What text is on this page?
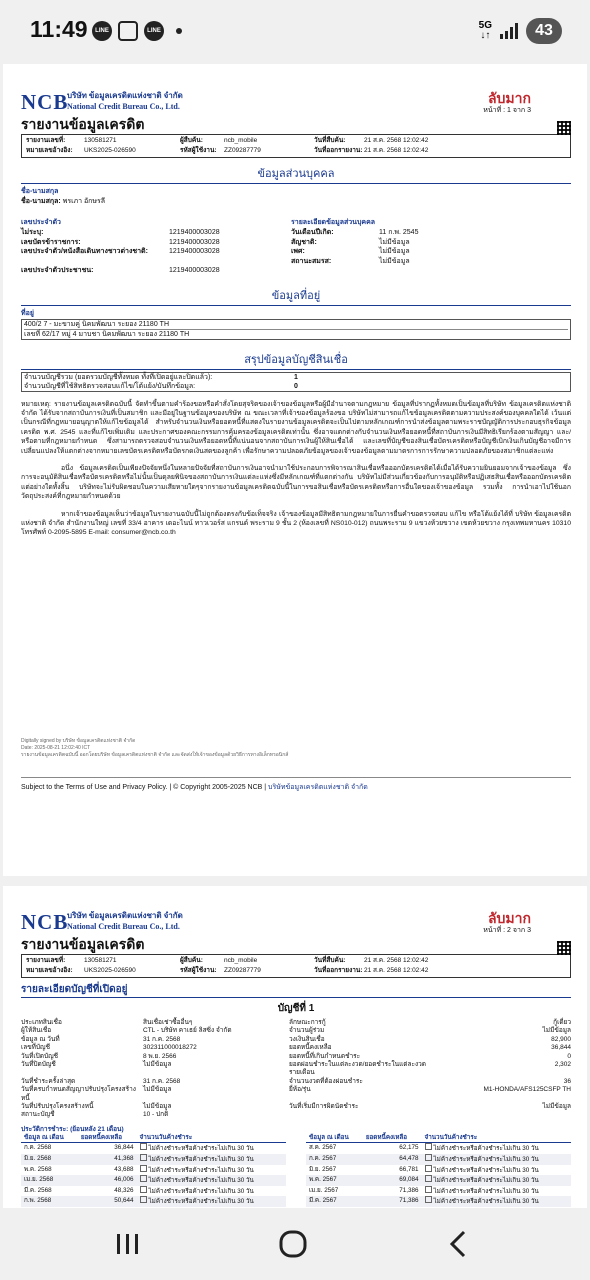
11:49	LINE	LINE	5G
↓↑	43
NCB
บริษัท ข้อมูลเครดิตแห่งชาติ จำกัด
National Credit Bureau Co., Ltd.
ลับมาก
หน้าที่ : 1 จาก 3
รายงานข้อมูลเครดิต
รายงานเลขที่:	130581271	ผู้สืบค้น:	ncb_mobile	วันที่สืบค้น:	21 ส.ค. 2568 12:02:42
หมายเลขอ้างอิง:	UKS2025-026590	รหัสผู้ใช้งาน:	ZZ09287779	วันที่ออกรายงาน: 21 ส.ค. 2568 12:02:42
ข้อมูลส่วนบุคคล
ชื่อ-นามสกุล
ชื่อ-นามสกุล: พรเภา อักษรลี
เลขประจำตัว
ไม่ระบุ:	1219400003028
เลขบัตรข้าราชการ:	1219400003028
เลขประจำตัว/หนังสือเดินทางชาวต่างชาติ:	1219400003028

เลขประจำตัวประชาชน:	1219400003028
รายละเอียดข้อมูลส่วนบุคคล
วันเดือนปีเกิด:	11 ก.พ. 2545
สัญชาติ:	ไม่มีข้อมูล
เพศ:	ไม่มีข้อมูล
สถานะสมรส:	ไม่มีข้อมูล
ข้อมูลที่อยู่
ที่อยู่
400/2 7 - มะขามคู่ นิคมพัฒนา ระยอง 21180 TH
เลขที่ 62/17 หมู่ 4 มาบชา นิคมพัฒนา ระยอง 21180 TH
สรุปข้อมูลบัญชีสินเชื่อ
จำนวนบัญชีรวม (ยอดรวมบัญชีทั้งหมด ทั้งที่เปิดอยู่และปิดแล้ว):	1
จำนวนบัญชีที่ใช้สิทธิตรวจสอบแก้ไข/โต้แย้ง/บันทึกข้อมูล:	0
หมายเหตุ: รายงานข้อมูลเครดิตฉบับนี้ จัดทำขึ้นตามคำร้องขอหรือคำสั่งโดยสุจริตของเจ้าของข้อมูลหรือผู้มีอำนาจตามกฎหมาย ข้อมูลที่ปรากฏทั้งหมดเป็นข้อมูลที่บริษัท ข้อมูลเครดิตแห่งชาติ จำกัด ได้รับจากสถาบันการเงินที่เป็นสมาชิก และมีอยู่ในฐานข้อมูลของบริษัท ณ ขณะเวลาที่เจ้าของข้อมูลร้องขอ บริษัทไม่สามารถแก้ไขข้อมูลเครดิตตามความประสงค์ของบุคคลใดได้ เว้นแต่เป็นกรณีที่กฎหมายอนุญาตให้แก้ไขข้อมูลได้ สำหรับจำนวนเงินหรือยอดหนี้ที่แสดงในรายงานข้อมูลเครดิตจะเป็นไปตามหลักเกณฑ์การนำส่งข้อมูลตามพระราชบัญญัติการประกอบธุรกิจข้อมูลเครดิต พ.ศ. 2545 และที่แก้ไขเพิ่มเติม และประกาศของคณะกรรมการคุ้มครองข้อมูลเครดิตเท่านั้น ซึ่งอาจแตกต่างกับจำนวนเงินหรือยอดหนี้ที่สถาบันการเงินมีสิทธิเรียกร้องตามสัญญา และ/หรือตามที่กฎหมายกำหนด ซึ่งสามารถตรวจสอบจำนวนเงินหรือยอดหนี้ที่แน่นอนจากสถาบันการเงินผู้ให้สินเชื่อได้ และเลขที่บัญชีของสินเชื่อบัตรเครดิตหรือบัญชีเบิกเงินเกินบัญชีอาจมีการเปลี่ยนแปลงให้แตกต่างจากหมายเลขบัตรเครดิตหรือบัตรกดเงินสดของลูกค้า เพื่อรักษาความปลอดภัยข้อมูลของเจ้าของข้อมูลตามมาตรการการรักษาความปลอดภัยของสมาชิกแต่ละแห่ง
อนึ่ง ข้อมูลเครดิตเป็นเพียงปัจจัยหนึ่งในหลายปัจจัยที่สถาบันการเงินอาจนำมาใช้ประกอบการพิจารณาสินเชื่อหรือออกบัตรเครดิตได้เมื่อได้รับความยินยอมจากเจ้าของข้อมูล ซึ่งการจะอนุมัติสินเชื่อหรือบัตรเครดิตหรือไม่นั้นเป็นดุลยพินิจของสถาบันการเงินแต่ละแห่งซึ่งมีหลักเกณฑ์ที่แตกต่างกัน บริษัทไม่มีส่วนเกี่ยวข้องกับการอนุมัติหรือปฏิเสธสินเชื่อหรือออกบัตรเครดิตแต่อย่างใดทั้งสิ้น บริษัทจะไม่รับผิดชอบในความเสียหายใดๆจากรายงานข้อมูลเครดิตฉบับนี้ในการขอสินเชื่อหรือบัตรเครดิตหรือการอื่นใดของเจ้าของข้อมูล รวมทั้ง การนำเอาไปใช้นอกวัตถุประสงค์ที่กฎหมายกำหนดด้วย
หากเจ้าของข้อมูลเห็นว่าข้อมูลในรายงานฉบับนี้ไม่ถูกต้องตรงกับข้อเท็จจริง เจ้าของข้อมูลมีสิทธิตามกฎหมายในการยื่นคำขอตรวจสอบ แก้ไข หรือโต้แย้งได้ที่ บริษัท ข้อมูลเครดิตแห่งชาติ จำกัด สำนักงานใหญ่ เลขที่ 33/4 อาคาร เดอะไนน์ ทาวเวอร์ส แกรนด์ พระราม 9 ชั้น 2 (ห้องเลขที่ NS010-012) ถนนพระราม 9 แขวงห้วยขวาง เขตห้วยขวาง กรุงเทพมหานคร 10310 โทรศัพท์ 0-2095-5895 E-mail: consumer@ncb.co.th
Digitally signed by บริษัท ข้อมูลเครดิตแห่งชาติ จำกัด
Date: 2025-08-21 12:02:40 ICT
รายงานข้อมูลเครดิตฉบับนี้ ออกโดยบริษัท ข้อมูลเครดิตแห่งชาติ จำกัด และจัดส่งให้เจ้าของข้อมูลด้วยวิธีการทางอิเล็กทรอนิกส์
Subject to the Terms of Use and Privacy Policy. | © Copyright 2005-2025 NCB | บริษัทข้อมูลเครดิตแห่งชาติ จำกัด
NCB
บริษัท ข้อมูลเครดิตแห่งชาติ จำกัด
National Credit Bureau Co., Ltd.
ลับมาก
หน้าที่ : 2 จาก 3
รายงานข้อมูลเครดิต
รายงานเลขที่:	130581271	ผู้สืบค้น:	ncb_mobile	วันที่สืบค้น:	21 ส.ค. 2568 12:02:42
หมายเลขอ้างอิง:	UKS2025-026590	รหัสผู้ใช้งาน:	ZZ09287779	วันที่ออกรายงาน: 21 ส.ค. 2568 12:02:42
รายละเอียดบัญชีที่เปิดอยู่
บัญชีที่ 1
ประเภทสินเชื่อ	สินเชื่อเช่าซื้ออื่นๆ	ลักษณะการกู้	กู้เดี่ยว
ผู้ให้สินเชื่อ	CTL - บริษัท คาเธย์ ลิสซิ่ง จำกัด	จำนวนผู้ร่วม	ไม่มีข้อมูล
ข้อมูล ณ วันที่	31 ก.ค. 2568	วงเงินสินเชื่อ	82,900
เลขที่บัญชี	302311000018272	ยอดหนี้คงเหลือ	36,844
วันที่เปิดบัญชี	8 พ.ย. 2566	ยอดหนี้ที่เกินกำหนดชำระ	0
วันที่ปิดบัญชี	ไม่มีข้อมูล	ยอดผ่อนชำระในแต่ละงวด/ยอดชำระในแต่ละงวด รายเดือน
2,302
วันที่ชำระครั้งล่าสุด	31 ก.ค. 2568	จำนวนงวดที่ต้องผ่อนชำระ	36
วันที่ครบกำหนดสัญญาปรับปรุงโครงสร้างหนี้
ไม่มีข้อมูล	ยี่ห้อ/รุ่น	M1-HONDA/AFS125CSFP TH
วันที่ปรับปรุงโครงสร้างหนี้	ไม่มีข้อมูล	วันที่เริ่มมีการผิดนัดชำระ	ไม่มีข้อมูล
สถานะบัญชี	10 - ปกติ
ประวัติการชำระ: (ย้อนหลัง 21 เดือน)
ข้อมูล ณ เดือน	ยอดหนี้คงเหลือ	จำนวนวันค้างชำระ
ก.ค. 2568	36,844	ไม่ค้างชำระหรือค้างชำระไม่เกิน 30 วัน
มิ.ย. 2568	41,368	ไม่ค้างชำระหรือค้างชำระไม่เกิน 30 วัน
พ.ค. 2568	43,688	ไม่ค้างชำระหรือค้างชำระไม่เกิน 30 วัน
เม.ย. 2568	46,006	ไม่ค้างชำระหรือค้างชำระไม่เกิน 30 วัน
มี.ค. 2568	48,326	ไม่ค้างชำระหรือค้างชำระไม่เกิน 30 วัน
ก.พ. 2568	50,644	ไม่ค้างชำระหรือค้างชำระไม่เกิน 30 วัน
ข้อมูล ณ เดือน	ยอดหนี้คงเหลือ	จำนวนวันค้างชำระ
ส.ค. 2567	62,175	ไม่ค้างชำระหรือค้างชำระไม่เกิน 30 วัน
ก.ค. 2567	64,478	ไม่ค้างชำระหรือค้างชำระไม่เกิน 30 วัน
มิ.ย. 2567	66,781	ไม่ค้างชำระหรือค้างชำระไม่เกิน 30 วัน
พ.ค. 2567	69,084	ไม่ค้างชำระหรือค้างชำระไม่เกิน 30 วัน
เม.ย. 2567	71,386	ไม่ค้างชำระหรือค้างชำระไม่เกิน 30 วัน
มี.ค. 2567	71,386	ไม่ค้างชำระหรือค้างชำระไม่เกิน 30 วัน
